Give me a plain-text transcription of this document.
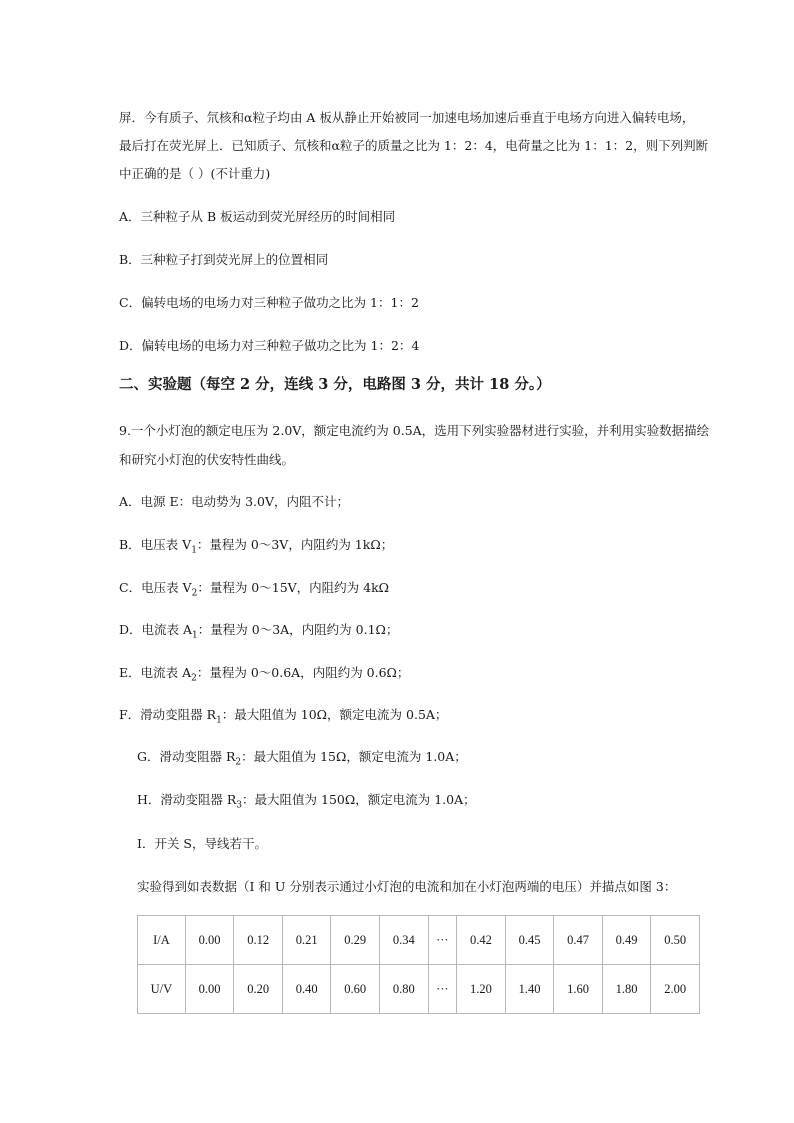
屏．今有质子、氘核和α粒子均由 A 板从静止开始被同一加速电场加速后垂直于电场方向进入偏转电场，
最后打在荧光屏上．已知质子、氘核和α粒子的质量之比为 1：2：4，电荷量之比为 1：1：2，则下列判断
中正确的是（ ）(不计重力)
A．三种粒子从 B 板运动到荧光屏经历的时间相同
B．三种粒子打到荧光屏上的位置相同
C．偏转电场的电场力对三种粒子做功之比为 1：1：2
D．偏转电场的电场力对三种粒子做功之比为 1：2：4
二、实验题（每空 2 分，连线 3 分，电路图 3 分，共计 18 分。）
9.一个小灯泡的额定电压为 2.0V，额定电流约为 0.5A，选用下列实验器材进行实验，并利用实验数据描绘
和研究小灯泡的伏安特性曲线。
A．电源 E：电动势为 3.0V，内阻不计；
B．电压表 $V_1$：量程为 0～3V，内阻约为 1kΩ；
C．电压表 $V_2$：量程为 0～15V，内阻约为 4kΩ
D．电流表 $A_1$：量程为 0～3A，内阻约为 0.1Ω；
E．电流表 $A_2$：量程为 0～0.6A，内阻约为 0.6Ω；
F．滑动变阻器 $R_1$：最大阻值为 10Ω，额定电流为 0.5A；
G．滑动变阻器 $R_2$：最大阻值为 15Ω，额定电流为 1.0A；
H．滑动变阻器 $R_3$：最大阻值为 150Ω，额定电流为 1.0A；
I．开关 S，导线若干。
实验得到如表数据（I 和 U 分别表示通过小灯泡的电流和加在小灯泡两端的电压）并描点如图 3：
I/A	0.00	0.12	0.21	0.29	0.34	···	0.42	0.45	0.47	0.49	0.50
U/V	0.00	0.20	0.40	0.60	0.80	···	1.20	1.40	1.60	1.80	2.00
